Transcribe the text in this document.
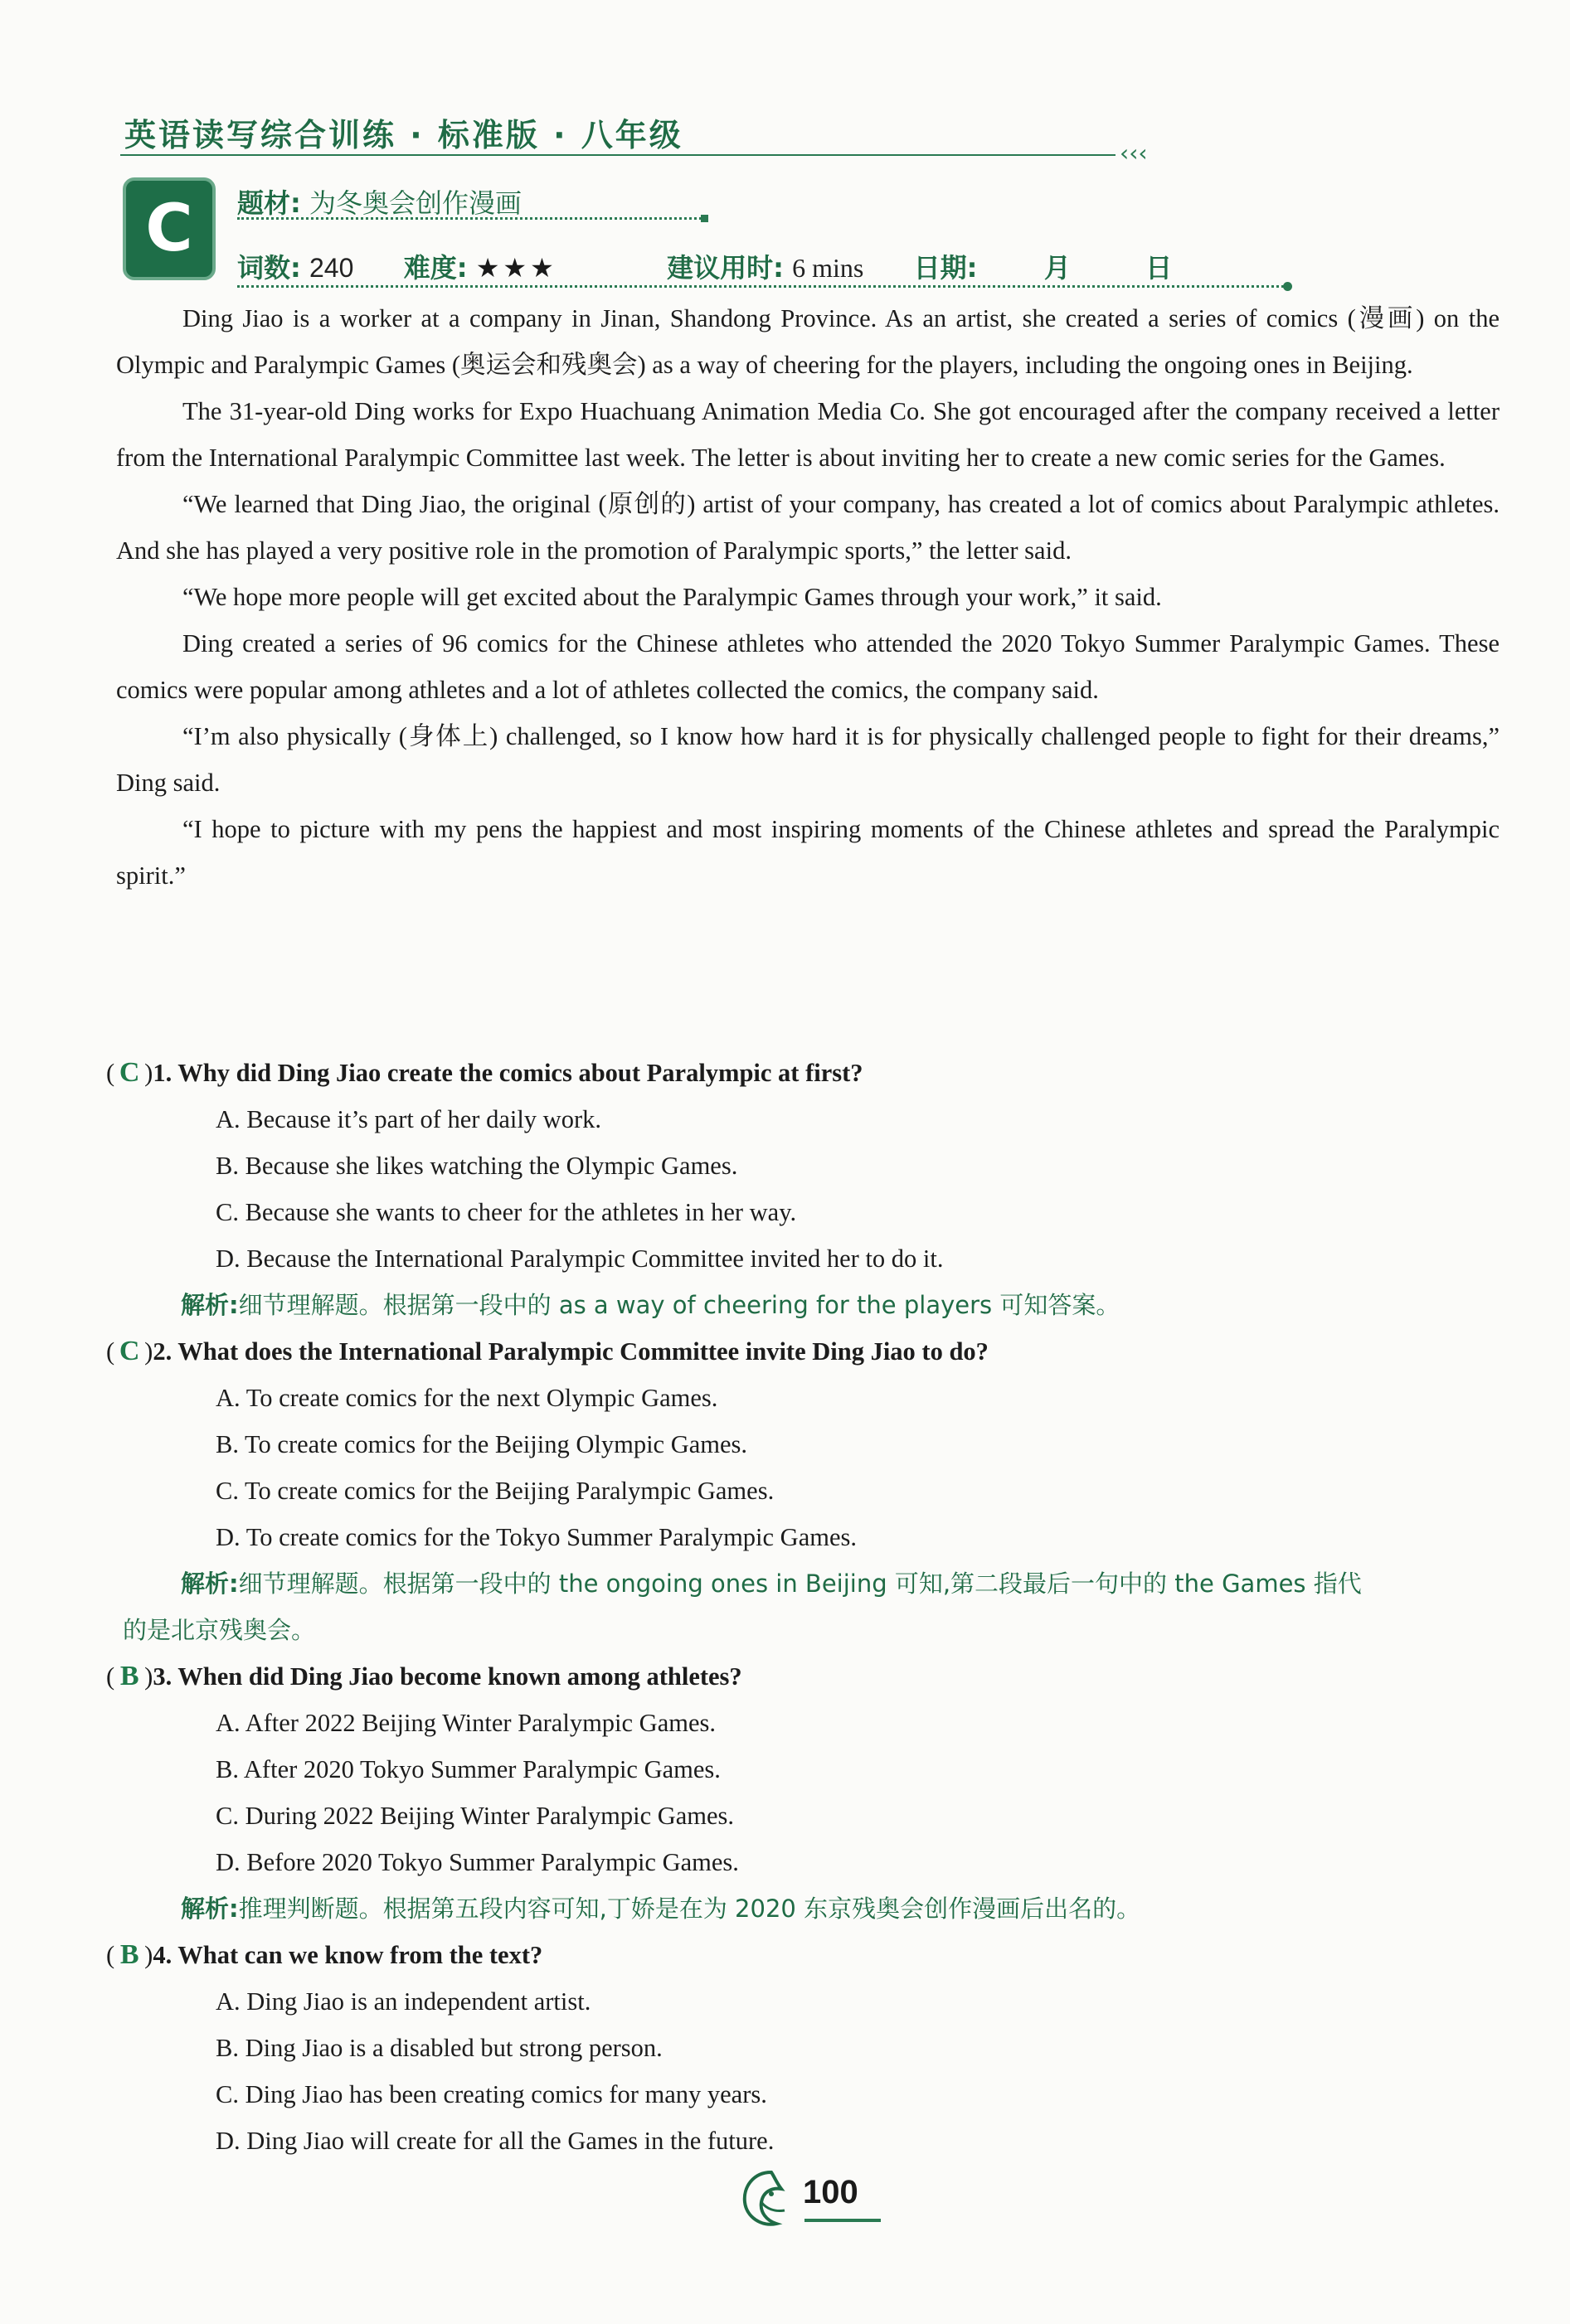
英语读写综合训练 · 标准版 · 八年级	‹‹‹
C	题材: 为冬奥会创作漫画
词数: 240 难度: ★★★	建议用时: 6 mins 日期:	月	日

Ding Jiao is a worker at a company in Jinan, Shandong Province. As an artist, she created a series of comics (漫画) on the Olympic and Paralympic Games (奥运会和残奥会) as a way of cheering for the players, including the ongoing ones in Beijing.

The 31-year-old Ding works for Expo Huachuang Animation Media Co. She got encouraged after the company received a letter from the International Paralympic Committee last week. The letter is about inviting her to create a new comic series for the Games.

“We learned that Ding Jiao, the original (原创的) artist of your company, has created a lot of comics about Paralympic athletes. And she has played a very positive role in the promotion of Paralympic sports,” the letter said.

“We hope more people will get excited about the Paralympic Games through your work,” it said.

Ding created a series of 96 comics for the Chinese athletes who attended the 2020 Tokyo Summer Paralympic Games. These comics were popular among athletes and a lot of athletes collected the comics, the company said.

“I’m also physically (身体上) challenged, so I know how hard it is for physically challenged people to fight for their dreams,” Ding said.

“I hope to picture with my pens the happiest and most inspiring moments of the Chinese athletes and spread the Paralympic spirit.”

( C )1. Why did Ding Jiao create the comics about Paralympic at first?
A. Because it’s part of her daily work.
B. Because she likes watching the Olympic Games.
C. Because she wants to cheer for the athletes in her way.
D. Because the International Paralympic Committee invited her to do it.
解析:细节理解题。根据第一段中的 as a way of cheering for the players 可知答案。
( C )2. What does the International Paralympic Committee invite Ding Jiao to do?
A. To create comics for the next Olympic Games.
B. To create comics for the Beijing Olympic Games.
C. To create comics for the Beijing Paralympic Games.
D. To create comics for the Tokyo Summer Paralympic Games.
解析:细节理解题。根据第一段中的 the ongoing ones in Beijing 可知,第二段最后一句中的 the Games 指代
的是北京残奥会。
( B )3. When did Ding Jiao become known among athletes?
A. After 2022 Beijing Winter Paralympic Games.
B. After 2020 Tokyo Summer Paralympic Games.
C. During 2022 Beijing Winter Paralympic Games.
D. Before 2020 Tokyo Summer Paralympic Games.
解析:推理判断题。根据第五段内容可知,丁娇是在为 2020 东京残奥会创作漫画后出名的。
( B )4. What can we know from the text?
A. Ding Jiao is an independent artist.
B. Ding Jiao is a disabled but strong person.
C. Ding Jiao has been creating comics for many years.
D. Ding Jiao will create for all the Games in the future.
100
